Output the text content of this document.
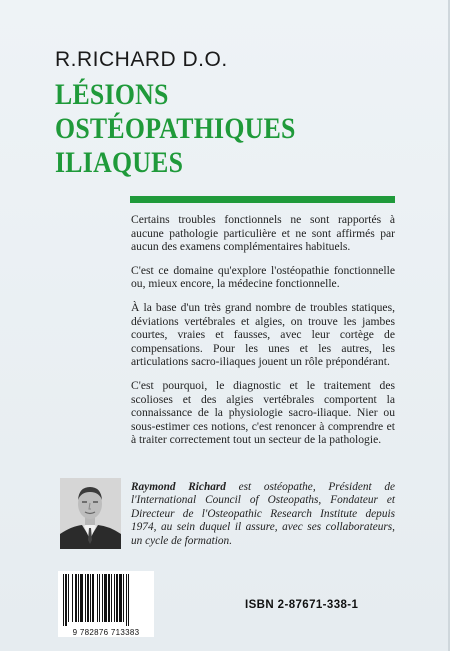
R.RICHARD D.O.
LÉSIONS
OSTÉOPATHIQUES
ILIAQUES

Certains troubles fonctionnels ne sont rapportés à aucune pathologie particulière et ne sont affirmés par aucun des examens complémentaires habituels.

C'est ce domaine qu'explore l'ostéopathie fonctionnelle ou, mieux encore, la médecine fonctionnelle.

À la base d'un très grand nombre de troubles statiques, déviations vertébrales et algies, on trouve les jambes courtes, vraies et fausses, avec leur cortège de compensations. Pour les unes et les autres, les articulations sacro-iliaques jouent un rôle prépondérant.

C'est pourquoi, le diagnostic et le traitement des scolioses et des algies vertébrales comportent la connaissance de la physiologie sacro-iliaque. Nier ou sous-estimer ces notions, c'est renoncer à comprendre et à traiter correctement tout un secteur de la pathologie.

Raymond Richard est ostéopathe, Président de l'International Council of Osteopaths, Fondateur et Directeur de l'Osteopathic Research Institute depuis 1974, au sein duquel il assure, avec ses collaborateurs, un cycle de formation.
9 782876 713383
ISBN 2-87671-338-1
